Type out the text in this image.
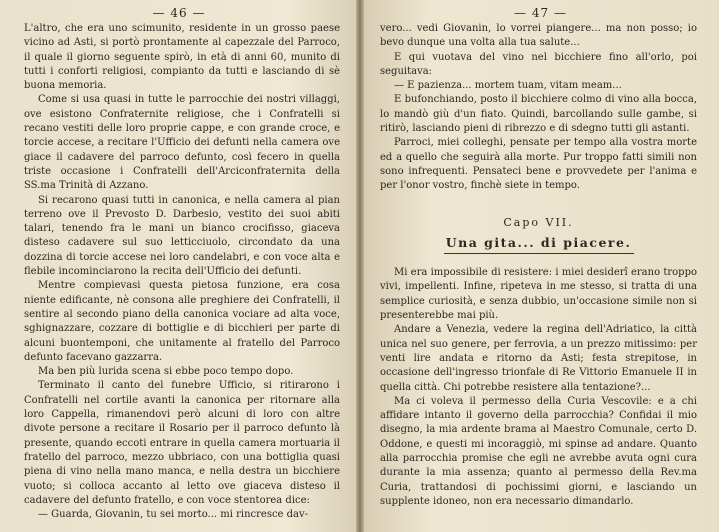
— 46 —

L'altro, che era uno scimunito, residente in un grosso paese vicino ad Asti, si portò prontamente al capezzale del Parroco, il quale il giorno seguente spirò, in età di anni 60, munito di tutti i conforti religiosi, compianto da tutti e lasciando di sè buona memoria.

Come si usa quasi in tutte le parrocchie dei nostri villaggi, ove esistono Confraternite religiose, che i Confratelli si recano vestiti delle loro proprie cappe, e con grande croce, e torcie accese, a recitare l'Ufficio dei defunti nella camera ove giace il cadavere del parroco defunto, così fecero in quella triste occasione i Confratelli dell'Arciconfraternita della SS.ma Trinità di Azzano.

Si recarono quasi tutti in canonica, e nella camera al pian terreno ove il Prevosto D. Darbesio, vestito dei suoi abiti talari, tenendo fra le mani un bianco crocifisso, giaceva disteso cadavere sul suo letticciuolo, circondato da una dozzina di torcie accese nei loro candelabri, e con voce alta e flebile incominciarono la recita dell'Ufficio dei defunti.

Mentre compievasi questa pietosa funzione, era cosa niente edificante, nè consona alle preghiere dei Confratelli, il sentire al secondo piano della canonica vociare ad alta voce, sghignazzare, cozzare di bottiglie e di bicchieri per parte di alcuni buontemponi, che unitamente al fratello del Parroco defunto facevano gazzarra.

Ma ben più lurida scena si ebbe poco tempo dopo.

Terminato il canto del funebre Ufficio, si ritirarono i Confratelli nel cortile avanti la canonica per ritornare alla loro Cappella, rimanendovi però alcuni di loro con altre divote persone a recitare il Rosario per il parroco defunto là presente, quando eccoti entrare in quella camera mortuaria il fratello del parroco, mezzo ubbriaco, con una bottiglia quasi piena di vino nella mano manca, e nella destra un bicchiere vuoto; si colloca accanto al letto ove giaceva disteso il cadavere del defunto fratello, e con voce stentorea dice:

— Guarda, Giovanin, tu sei morto... mi rincresce dav-

— 47 —

vero... vedi Giovanin, lo vorrei piangere... ma non posso; io bevo dunque una volta alla tua salute...

E qui vuotava del vino nel bicchiere fino all'orlo, poi seguitava:

— E pazienza... mortem tuam, vitam meam...

E bufonchiando, posto il bicchiere colmo di vino alla bocca, lo mandò giù d'un fiato. Quindi, barcollando sulle gambe, si ritirò, lasciando pieni di ribrezzo e di sdegno tutti gli astanti.

Parroci, miei colleghi, pensate per tempo alla vostra morte ed a quello che seguirà alla morte. Pur troppo fatti simili non sono infrequenti. Pensateci bene e provvedete per l'anima e per l'onor vostro, finchè siete in tempo.

Capo VII.
Una gita... di piacere.

Mi era impossibile di resistere: i miei desiderî erano troppo vivi, impellenti. Infine, ripeteva in me stesso, si tratta di una semplice curiosità, e senza dubbio, un'occasione simile non si presenterebbe mai più.

Andare a Venezia, vedere la regina dell'Adriatico, la città unica nel suo genere, per ferrovia, a un prezzo mitissimo: per venti lire andata e ritorno da Asti; festa strepitose, in occasione dell'ingresso trionfale di Re Vittorio Emanuele II in quella città. Chi potrebbe resistere alla tentazione?...

Ma ci voleva il permesso della Curia Vescovile: e a chi affidare intanto il governo della parrocchia? Confidai il mio disegno, la mia ardente brama al Maestro Comunale, certo D. Oddone, e questi mi incoraggiò, mi spinse ad andare. Quanto alla parrocchia promise che egli ne avrebbe avuta ogni cura durante la mia assenza; quanto al permesso della Rev.ma Curia, trattandosi di pochissimi giorni, e lasciando un supplente idoneo, non era necessario dimandarlo.
